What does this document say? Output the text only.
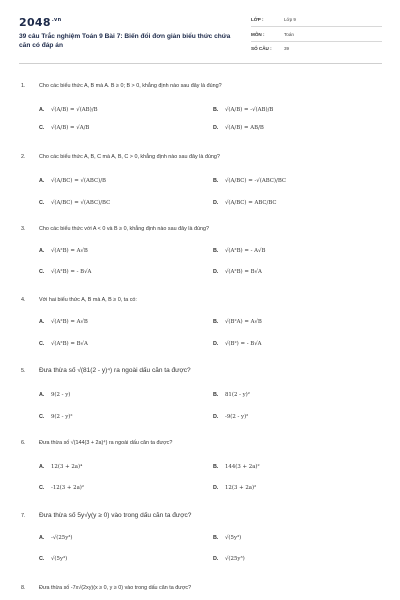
$2048^{.vn}$
39 câu Trắc nghiệm Toán 9 Bài 7: Biến đổi đơn giản biểu thức chứa căn có đáp án
LỚP :	Lớp 9
MÔN :	Toán
SỐ CÂU :	39
1.	Cho các biểu thức A, B mà A. B ≥ 0; B > 0, khẳng định nào sau đây là đúng?
A. √(A/B) = √(AB)/B	B. √(A/B) = -√(AB)/B
C. √(A/B) = √A/B	D. √(A/B) = AB/B
2.	Cho các biểu thức A, B, C mà A, B, C > 0, khẳng định nào sau đây là đúng?
A. √(A/BC) = √(ABC)/B	B. √(A/BC) = -√(ABC)/BC
C. √(A/BC) = √(ABC)/BC	D. √(A/BC) = ABC/BC
3.	Cho các biểu thức với A < 0 và B ≥ 0, khẳng định nào sau đây là đúng?
A. √(A²B) = A√B	B. √(A²B) = - A√B
C. √(A²B) = - B√A	D. √(A²B) = B√A
4.	Với hai biểu thức A, B mà A, B ≥ 0, ta có:
A. √(A²B) = A√B	B. √(B²A) = A√B
C. √(A²B) = B√A	D. √(B²) = - B√A
5. Đưa thừa số √(81(2 - y)⁴) ra ngoài dấu căn ta được?
A. 9(2 - y)	B. 81(2 - y)²
C. 9(2 - y)²	D. -9(2 - y)²
6.	Đưa thừa số √(144(3 + 2a)⁴) ra ngoài dấu căn ta được?
A. 12(3 + 2a)⁴	B. 144(3 + 2a)²
C. -12(3 + 2a)²	D. 12(3 + 2a)²
7. Đưa thừa số 5y√y(y ≥ 0) vào trong dấu căn ta được?
A. -√(25y³)	B. √(5y³)
C. √(5y³)	D. √(25y³)
8.	Đưa thừa số -7x√(2xy)(x ≥ 0, y ≥ 0) vào trong dấu căn ta được?
